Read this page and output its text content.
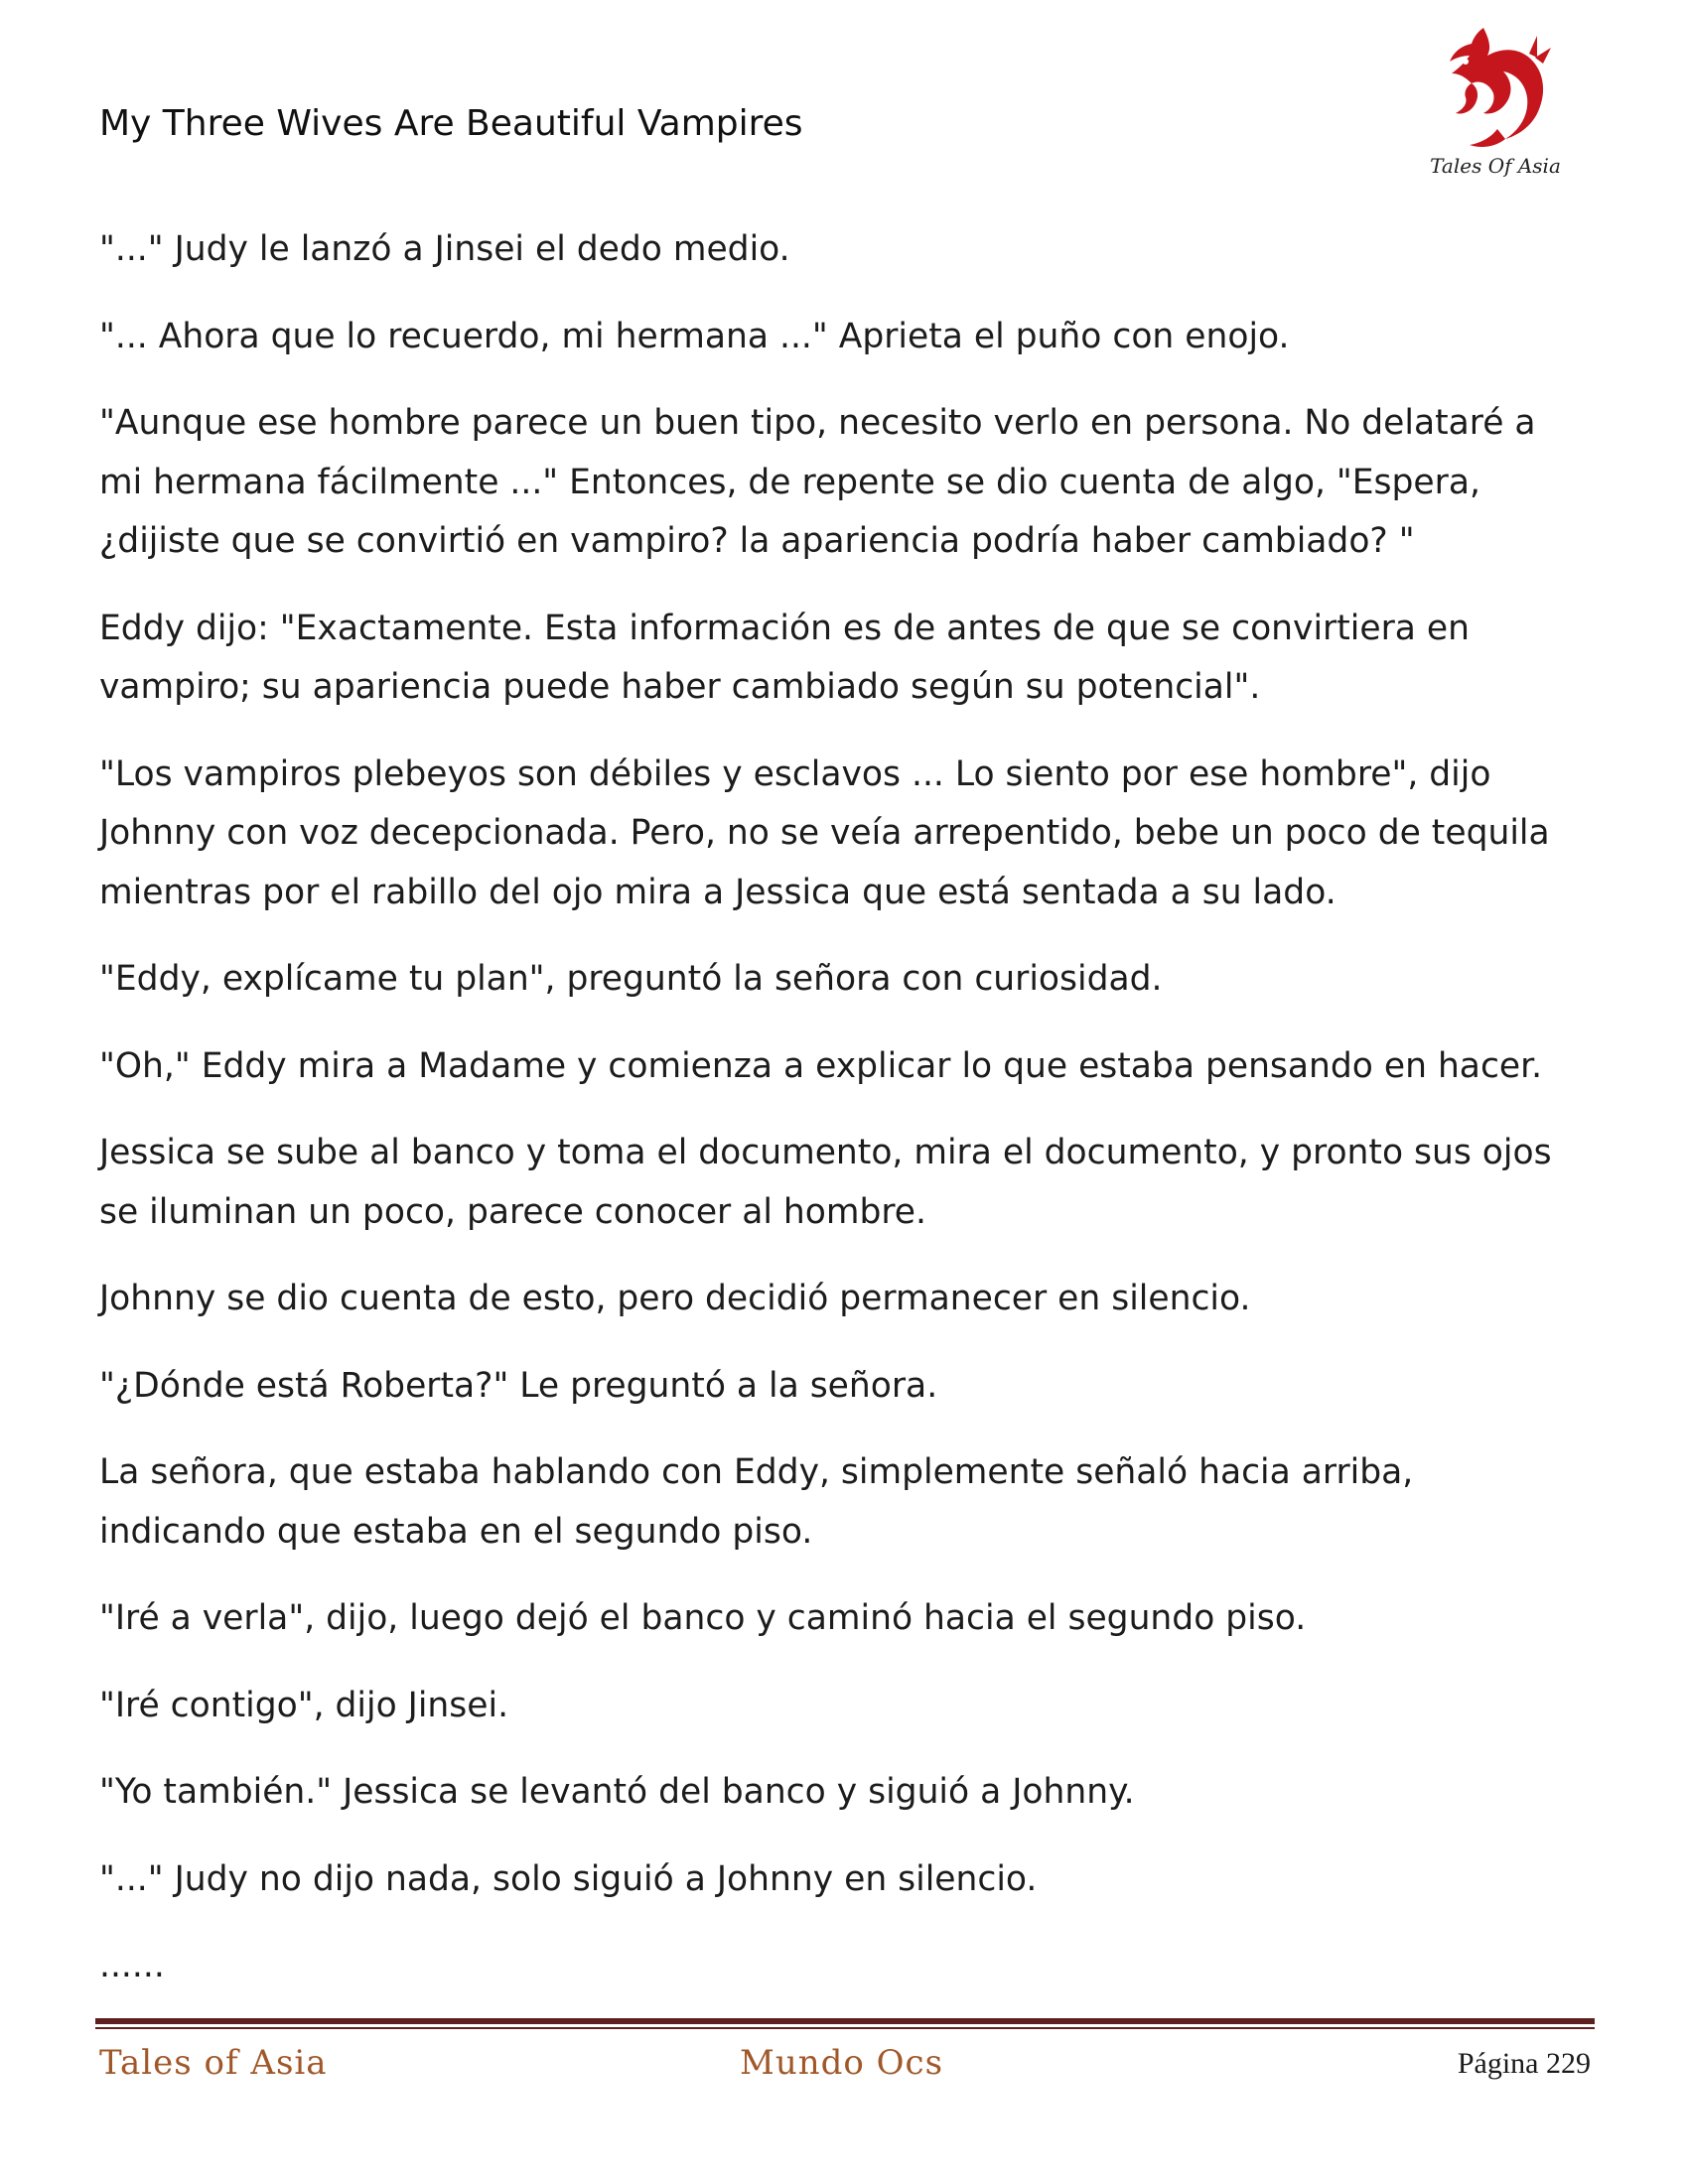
My Three Wives Are Beautiful Vampires
Tales Of Asia

"..." Judy le lanzó a Jinsei el dedo medio.

"... Ahora que lo recuerdo, mi hermana ..." Aprieta el puño con enojo.

"Aunque ese hombre parece un buen tipo, necesito verlo en persona. No delataré a mi hermana fácilmente ..." Entonces, de repente se dio cuenta de algo, "Espera, ¿dijiste que se convirtió en vampiro? la apariencia podría haber cambiado? "

Eddy dijo: "Exactamente. Esta información es de antes de que se convirtiera en vampiro; su apariencia puede haber cambiado según su potencial".

"Los vampiros plebeyos son débiles y esclavos ... Lo siento por ese hombre", dijo Johnny con voz decepcionada. Pero, no se veía arrepentido, bebe un poco de tequila mientras por el rabillo del ojo mira a Jessica que está sentada a su lado.

"Eddy, explícame tu plan", preguntó la señora con curiosidad.

"Oh," Eddy mira a Madame y comienza a explicar lo que estaba pensando en hacer.

Jessica se sube al banco y toma el documento, mira el documento, y pronto sus ojos se iluminan un poco, parece conocer al hombre.

Johnny se dio cuenta de esto, pero decidió permanecer en silencio.

"¿Dónde está Roberta?" Le preguntó a la señora.

La señora, que estaba hablando con Eddy, simplemente señaló hacia arriba, indicando que estaba en el segundo piso.

"Iré a verla", dijo, luego dejó el banco y caminó hacia el segundo piso.

"Iré contigo", dijo Jinsei.

"Yo también." Jessica se levantó del banco y siguió a Johnny.

"..." Judy no dijo nada, solo siguió a Johnny en silencio.

......

Tales of Asia	Mundo Ocs	Página 229
